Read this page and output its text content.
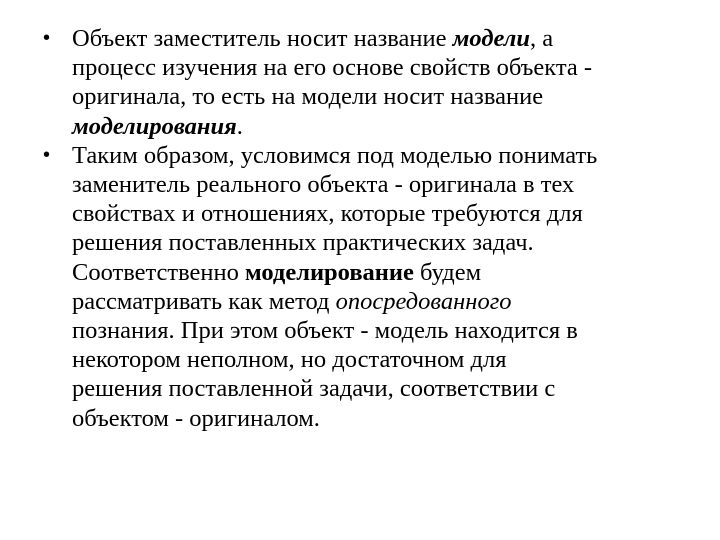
• Объект заместитель носит название модели, а
процесс изучения на его основе свойств объекта -
оригинала, то есть на модели носит название
моделирования.
• Таким образом, условимся под моделью понимать
заменитель реального объекта - оригинала в тех
свойствах и отношениях, которые требуются для
решения поставленных практических задач.
Соответственно моделирование будем
рассматривать как метод опосредованного
познания. При этом объект - модель находится в
некотором неполном, но достаточном для
решения поставленной задачи, соответствии с
объектом - оригиналом.
